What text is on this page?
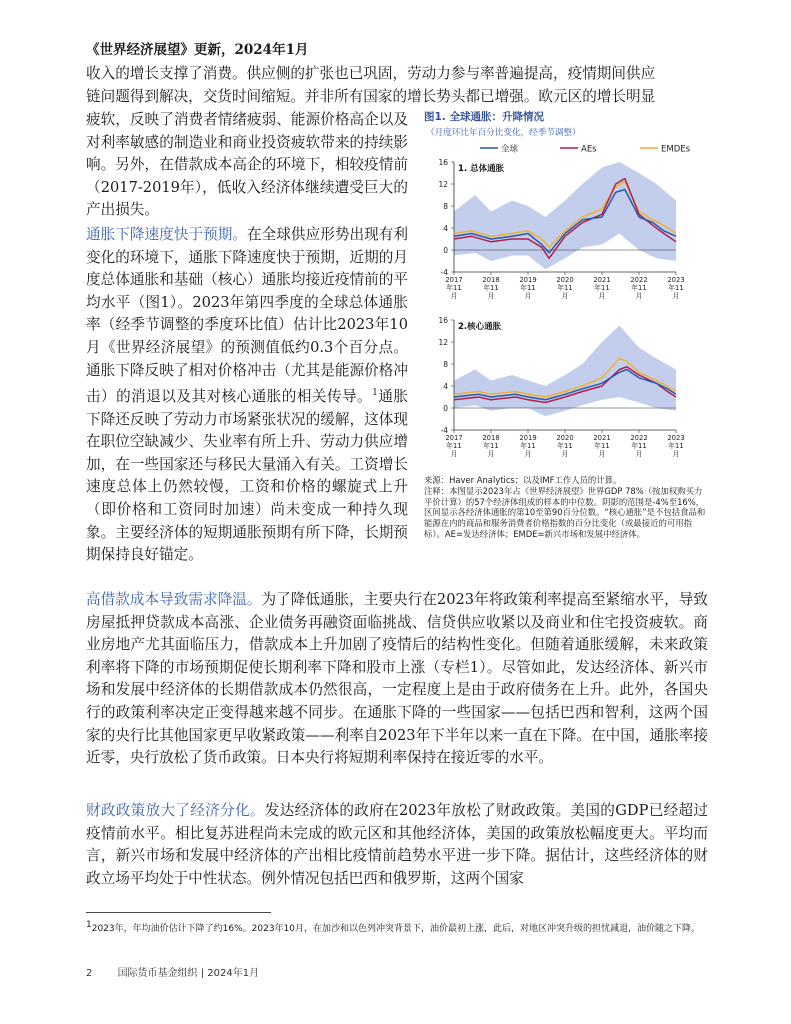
《世界经济展望》更新，2024年1月
收入的增长支撑了消费。供应侧的扩张也已巩固，劳动力参与率普遍提高，疫情期间供应
链问题得到解决，交货时间缩短。并非所有国家的增长势头都已增强。欧元区的增长明显
疲软，反映了消费者情绪疲弱、能源价格高企以及对利率敏感的制造业和商业投资疲软带来的持续影响。另外，在借款成本高企的环境下，相较疫情前（2017-2019年），低收入经济体继续遭受巨大的产出损失。
通胀下降速度快于预期。在全球供应形势出现有利变化的环境下，通胀下降速度快于预期，近期的月度总体通胀和基础（核心）通胀均接近疫情前的平均水平（图1）。2023年第四季度的全球总体通胀率（经季节调整的季度环比值）估计比2023年10月《世界经济展望》的预测值低约0.3个百分点。通胀下降反映了相对价格冲击（尤其是能源价格冲击）的消退以及其对核心通胀的相关传导。$^1$通胀下降还反映了劳动力市场紧张状况的缓解，这体现在职位空缺减少、失业率有所上升、劳动力供应增加，在一些国家还与移民大量涌入有关。工资增长速度总体上仍然较慢，工资和价格的螺旋式上升（即价格和工资同时加速）尚未变成一种持久现象。主要经济体的短期通胀预期有所下降，长期预期保持良好锚定。
高借款成本导致需求降温。为了降低通胀，主要央行在2023年将政策利率提高至紧缩水平，导致房屋抵押贷款成本高涨、企业债务再融资面临挑战、信贷供应收紧以及商业和住宅投资疲软。商业房地产尤其面临压力，借款成本上升加剧了疫情后的结构性变化。但随着通胀缓解，未来政策利率将下降的市场预期促使长期利率下降和股市上涨（专栏1）。尽管如此，发达经济体、新兴市场和发展中经济体的长期借款成本仍然很高，一定程度上是由于政府债务在上升。此外，各国央行的政策利率决定正变得越来越不同步。在通胀下降的一些国家——包括巴西和智利，这两个国家的央行比其他国家更早收紧政策——利率自2023年下半年以来一直在下降。在中国，通胀率接近零，央行放松了货币政策。日本央行将短期利率保持在接近零的水平。
财政政策放大了经济分化。发达经济体的政府在2023年放松了财政政策。美国的GDP已经超过疫情前水平。相比复苏进程尚未完成的欧元区和其他经济体，美国的政策放松幅度更大。平均而言，新兴市场和发展中经济体的产出相比疫情前趋势水平进一步下降。据估计，这些经济体的财政立场平均处于中性状态。例外情况包括巴西和俄罗斯，这两个国家
图1. 全球通胀：升降情况
（月度环比年百分比变化，经季节调整）
全球	AEs	EMDEs
-4
0
4
8
12
16
2017 年11 月
2018 年11 月
2019 年11 月
2020 年11 月
2021 年11 月
2022 年11 月
2023 年11 月
1. 总体通胀
-4
0
4
8
12
16
2017 年11 月
2018 年11 月
2019 年11 月
2020 年11 月
2021 年11 月
2022 年11 月
2023 年11 月
2.核心通胀
来源：Haver Analytics；以及IMF工作人员的计算。
注释：本图显示2023年占《世界经济展望》世界GDP 78%（按加权购买力平价计算）的57个经济体组成的样本的中位数。阴影的范围是-4%至16%，区间显示各经济体通胀的第10至第90百分位数。“核心通胀”是不包括食品和能源在内的商品和服务消费者价格指数的百分比变化（或最接近的可用指标）。AE=发达经济体；EMDE=新兴市场和发展中经济体。
12023年，年均油价估计下降了约16%。2023年10月，在加沙和以色列冲突背景下，油价最初上涨，此后，对地区冲突升级的担忧减退，油价随之下降。
2	国际货币基金组织 | 2024年1月
